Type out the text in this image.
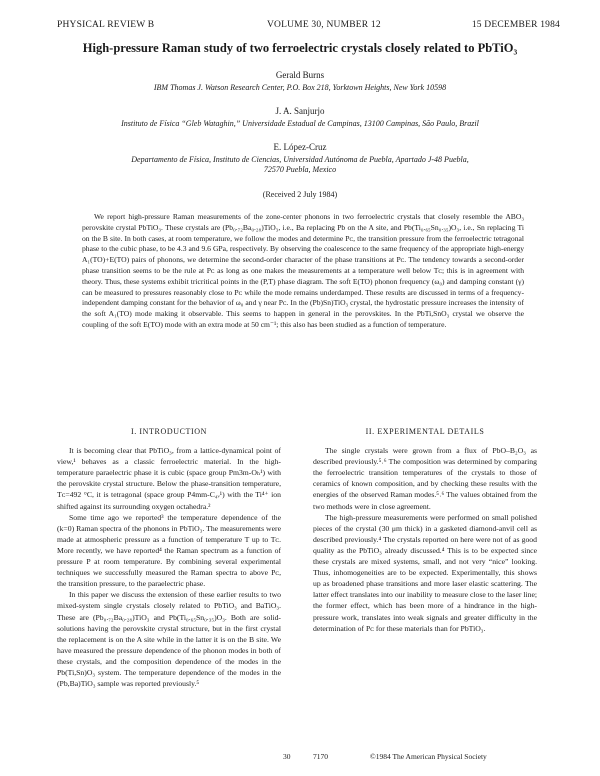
PHYSICAL REVIEW B	VOLUME 30, NUMBER 12	15 DECEMBER 1984
High-pressure Raman study of two ferroelectric crystals closely related to PbTiO₃
Gerald Burns
IBM Thomas J. Watson Research Center, P.O. Box 218, Yorktown Heights, New York 10598
J. A. Sanjurjo
Instituto de Física “Gleb Wataghin,” Universidade Estadual de Campinas, 13100 Campinas, São Paulo, Brazil
E. López-Cruz
Departamento de Física, Instituto de Ciencias, Universidad Autónoma de Puebla, Apartado J-48 Puebla, 72570 Puebla, Mexico
(Received 2 July 1984)

We report high-pressure Raman measurements of the zone-center phonons in two ferroelectric crystals that closely resemble the ABO₃ perovskite crystal PbTiO₃. These crystals are (Pb₀.₇₂Ba₀.₂₈)TiO₃, i.e., Ba replacing Pb on the A site, and Pb(Ti₀.₆₅Sn₀.₃₅)O₃, i.e., Sn replacing Ti on the B site. In both cases, at room temperature, we follow the modes and determine Pᴄ, the transition pressure from the ferroelectric tetragonal phase to the cubic phase, to be 4.3 and 9.6 GPa, respectively. By observing the coalescence to the same frequency of the appropriate high-energy A₁(TO)+E(TO) pairs of phonons, we determine the second-order character of the phase transitions at Pᴄ. The tendency towards a second-order phase transition seems to be the rule at Pᴄ as long as one makes the measurements at a temperature well below Tᴄ; this is in agreement with theory. Thus, these systems exhibit tricritical points in the (P,T) phase diagram. The soft E(TO) phonon frequency (ω₀) and damping constant (γ) can be measured to pressures reasonably close to Pᴄ while the mode remains underdamped. These results are discussed in terms of a frequency-independent damping constant for the behavior of ω₀ and γ near Pᴄ. In the (Pb)Sn)TiO₃ crystal, the hydrostatic pressure increases the intensity of the soft A₁(TO) mode making it observable. This seems to happen in general in the perovskites. In the PbTi,SnO₃ crystal we observe the coupling of the soft E(TO) mode with an extra mode at 50 cm⁻¹; this also has been studied as a function of temperature.

I. INTRODUCTION

It is becoming clear that PbTiO₃, from a lattice-dynamical point of view,¹ behaves as a classic ferroelectric material. In the high-temperature paraelectric phase it is cubic (space group Pm3m-Oₕ¹) with the perovskite crystal structure. Below the phase-transition temperature, Tᴄ=492 °C, it is tetragonal (space group P4mm-C₄ᵥ¹) with the Ti⁴⁺ ion shifted against its surrounding oxygen octahedra.²

Some time ago we reported³ the temperature dependence of the (k=0) Raman spectra of the phonons in PbTiO₃. The measurements were made at atmospheric pressure as a function of temperature T up to Tᴄ. More recently, we have reported⁴ the Raman spectrum as a function of pressure P at room temperature. By combining several experimental techniques we successfully measured the Raman spectra to above Pᴄ, the transition pressure, to the paraelectric phase.

In this paper we discuss the extension of these earlier results to two mixed-system single crystals closely related to PbTiO₃ and BaTiO₃. These are (Pb₀.₇₂Ba₀.₂₈)TiO₃ and Pb(Ti₀.₆₅Sn₀.₃₅)O₃. Both are solid-solutions having the perovskite crystal structure, but in the first crystal the replacement is on the A site while in the latter it is on the B site. We have measured the pressure dependence of the phonon modes in both of these crystals, and the composition dependence of the modes in the Pb(Ti,Sn)O₃ system. The temperature dependence of the modes in the (Pb,Ba)TiO₃ sample was reported previously.⁵

II. EXPERIMENTAL DETAILS

The single crystals were grown from a flux of PbO–B₂O₃ as described previously.⁵˒⁶ The composition was determined by comparing the ferroelectric transition temperatures of the crystals to those of ceramics of known composition, and by checking these results with the energies of the observed Raman modes.⁵˒⁶ The values obtained from the two methods were in close agreement.

The high-pressure measurements were performed on small polished pieces of the crystal (30 μm thick) in a gasketed diamond-anvil cell as described previously.⁴ The crystals reported on here were not of as good quality as the PbTiO₃ already discussed.⁴ This is to be expected since these crystals are mixed systems, small, and not very “nice” looking. Thus, inhomogeneities are to be expected. Experimentally, this shows up as broadened phase transitions and more laser elastic scattering. The latter effect translates into our inability to measure close to the laser line; the former effect, which has been more of a hindrance in the high-pressure work, translates into weak signals and greater difficulty in the determination of Pᴄ for these materials than for PbTiO₃.

30	7170	©1984 The American Physical Society
